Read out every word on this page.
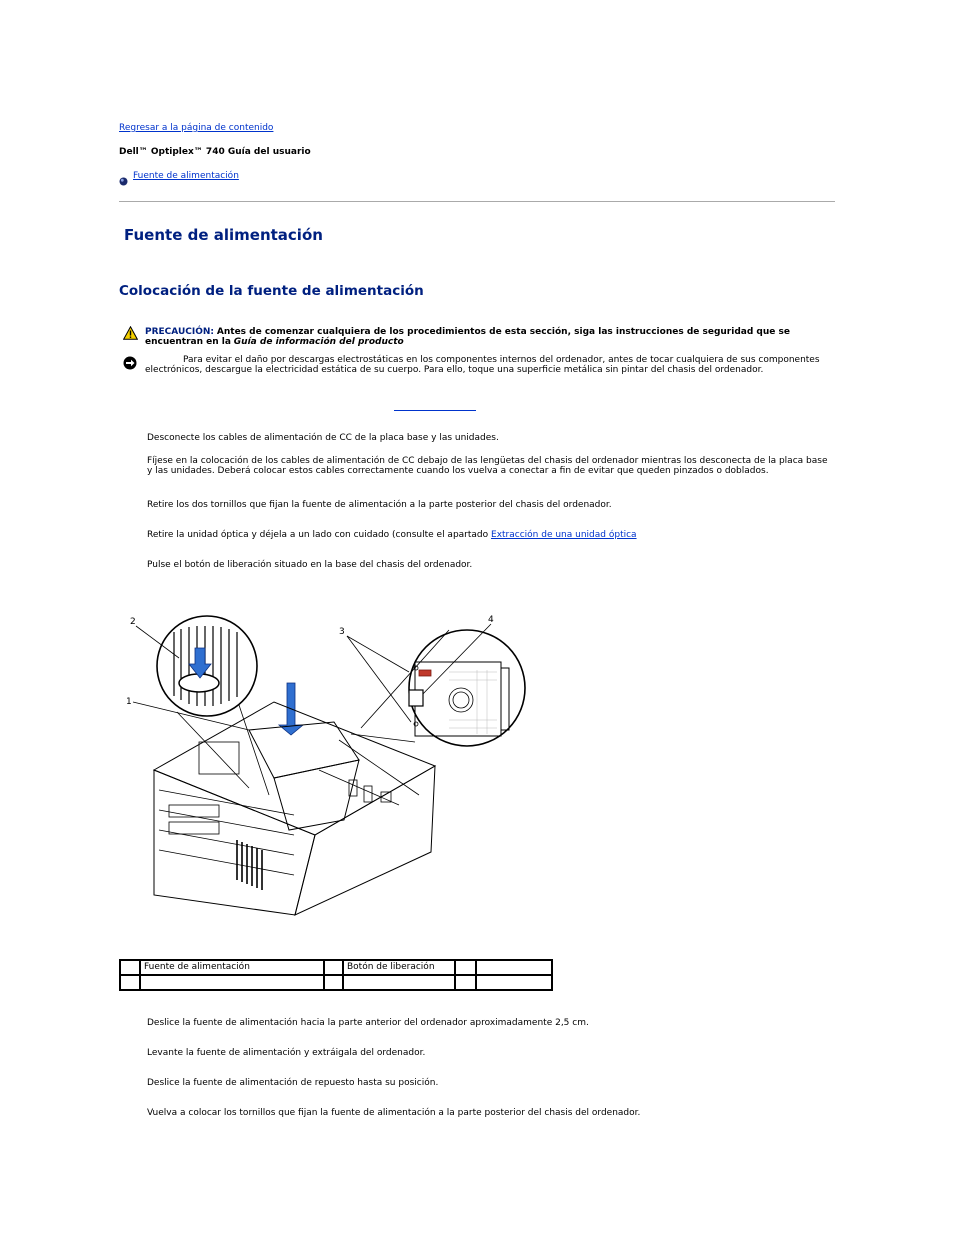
Regresar a la página de contenido
Dell™ Optiplex™ 740 Guía del usuario
Fuente de alimentación
Fuente de alimentación
Colocación de la fuente de alimentación
PRECAUCIÓN: Antes de comenzar cualquiera de los procedimientos de esta sección, siga las instrucciones de seguridad que se encuentran en la Guía de información del producto
Para evitar el daño por descargas electrostáticas en los componentes internos del ordenador, antes de tocar cualquiera de sus componentes electrónicos, descargue la electricidad estática de su cuerpo. Para ello, toque una superficie metálica sin pintar del chasis del ordenador.
Desconecte los cables de alimentación de CC de la placa base y las unidades.
Fíjese en la colocación de los cables de alimentación de CC debajo de las lengüetas del chasis del ordenador mientras los desconecta de la placa base y las unidades. Deberá colocar estos cables correctamente cuando los vuelva a conectar a fin de evitar que queden pinzados o doblados.
Retire los dos tornillos que fijan la fuente de alimentación a la parte posterior del chasis del ordenador.
Retire la unidad óptica y déjela a un lado con cuidado (consulte el apartado Extracción de una unidad óptica
Pulse el botón de liberación situado en la base del chasis del ordenador.
2
1
3
4
	Fuente de alimentación		Botón de liberación		

Deslice la fuente de alimentación hacia la parte anterior del ordenador aproximadamente 2,5 cm.
Levante la fuente de alimentación y extráigala del ordenador.
Deslice la fuente de alimentación de repuesto hasta su posición.
Vuelva a colocar los tornillos que fijan la fuente de alimentación a la parte posterior del chasis del ordenador.
